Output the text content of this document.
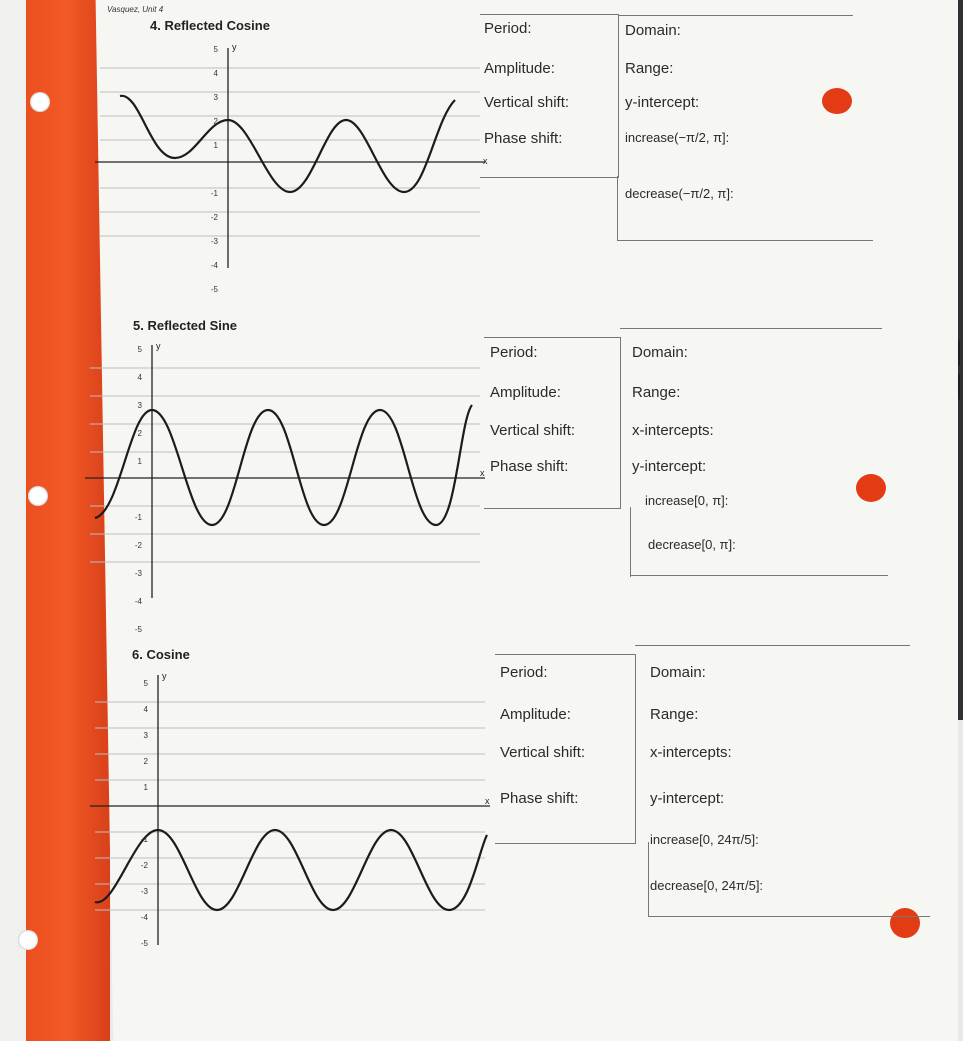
Vasquez, Unit 4
4. Reflected Cosine
x
y
5
4
3
2
1
-1
-2
-3
-4
-5
Period:
Amplitude:
Vertical shift:
Phase shift:
Domain:
Range:
y-intercept:
increase(−π/2, π]:
decrease(−π/2, π]:
5. Reflected Sine
x
y
5
4
3
2
1
-1
-2
-3
-4
-5
Period:
Amplitude:
Vertical shift:
Phase shift:
Domain:
Range:
x-intercepts:
y-intercept:
increase[0, π]:
decrease[0, π]:
6. Cosine
x
y
5
4
3
2
1
-1
-2
-3
-4
-5
Period:
Amplitude:
Vertical shift:
Phase shift:
Domain:
Range:
x-intercepts:
y-intercept:
increase[0, 24π/5]:
decrease[0, 24π/5]:
